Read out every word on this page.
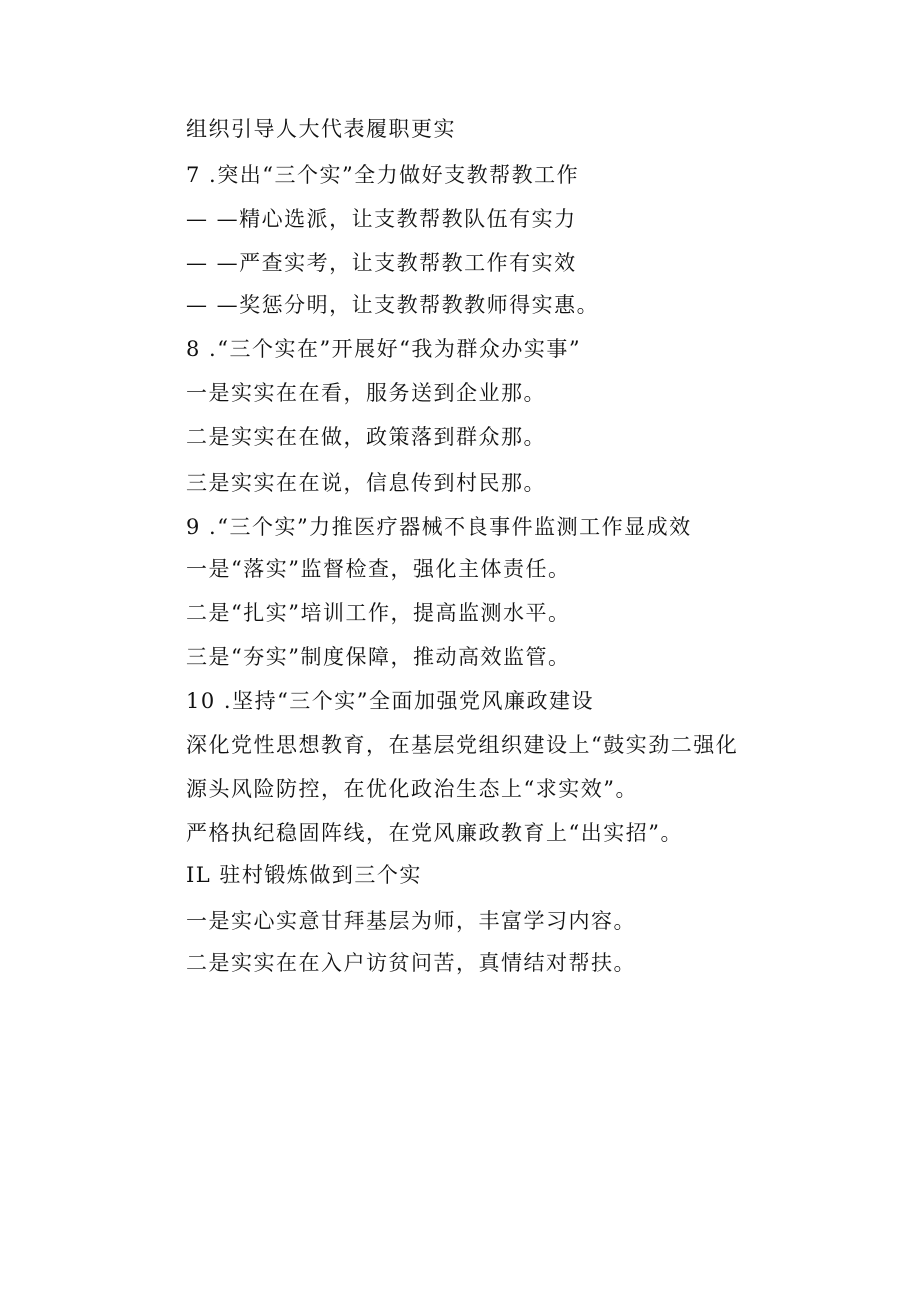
组织引导人大代表履职更实
7 .突出“三个实”全力做好支教帮教工作
— —精心选派，让支教帮教队伍有实力
— —严查实考，让支教帮教工作有实效
— —奖惩分明，让支教帮教教师得实惠。
8 .“三个实在”开展好“我为群众办实事”
一是实实在在看，服务送到企业那。
二是实实在在做，政策落到群众那。
三是实实在在说，信息传到村民那。
9 .“三个实”力推医疗器械不良事件监测工作显成效
一是“落实”监督检查，强化主体责任。
二是“扎实”培训工作，提高监测水平。
三是“夯实”制度保障，推动高效监管。
10 .坚持“三个实”全面加强党风廉政建设
深化党性思想教育，在基层党组织建设上“鼓实劲二强化
源头风险防控，在优化政治生态上“求实效”。
严格执纪稳固阵线，在党风廉政教育上“出实招”。
IL 驻村锻炼做到三个实
一是实心实意甘拜基层为师，丰富学习内容。
二是实实在在入户访贫问苦，真情结对帮扶。
